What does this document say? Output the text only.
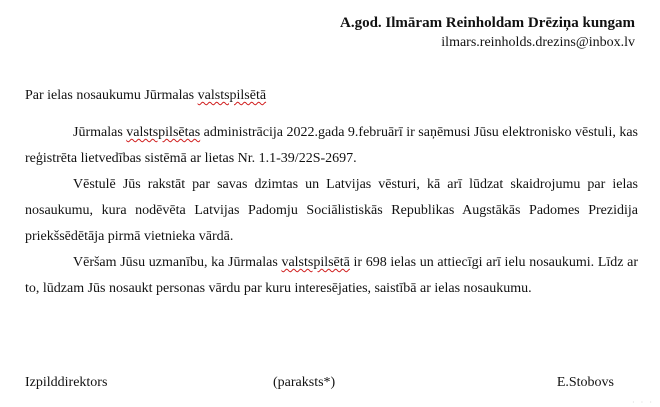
A.god. Ilmāram Reinholdam Drēziņa kungam
ilmars.reinholds.drezins@inbox.lv
Par ielas nosaukumu Jūrmalas valstspilsētā

Jūrmalas valstspilsētas administrācija 2022.gada 9.februārī ir saņēmusi Jūsu elektronisko vēstuli, kas reģistrēta lietvedības sistēmā ar lietas Nr. 1.1-39/22S-2697.

Vēstulē Jūs rakstāt par savas dzimtas un Latvijas vēsturi, kā arī lūdzat skaidrojumu par ielas nosaukumu, kura nodēvēta Latvijas Padomju Sociālistiskās Republikas Augstākās Padomes Prezidija priekšsēdētāja pirmā vietnieka vārdā.

Vēršam Jūsu uzmanību, ka Jūrmalas valstspilsētā ir 698 ielas un attiecīgi arī ielu nosaukumi. Līdz ar to, lūdzam Jūs nosaukt personas vārdu par kuru interesējaties, saistībā ar ielas nosaukumu.

Izpilddirektors	(paraksts*)	E.Stobovs
· · ·
